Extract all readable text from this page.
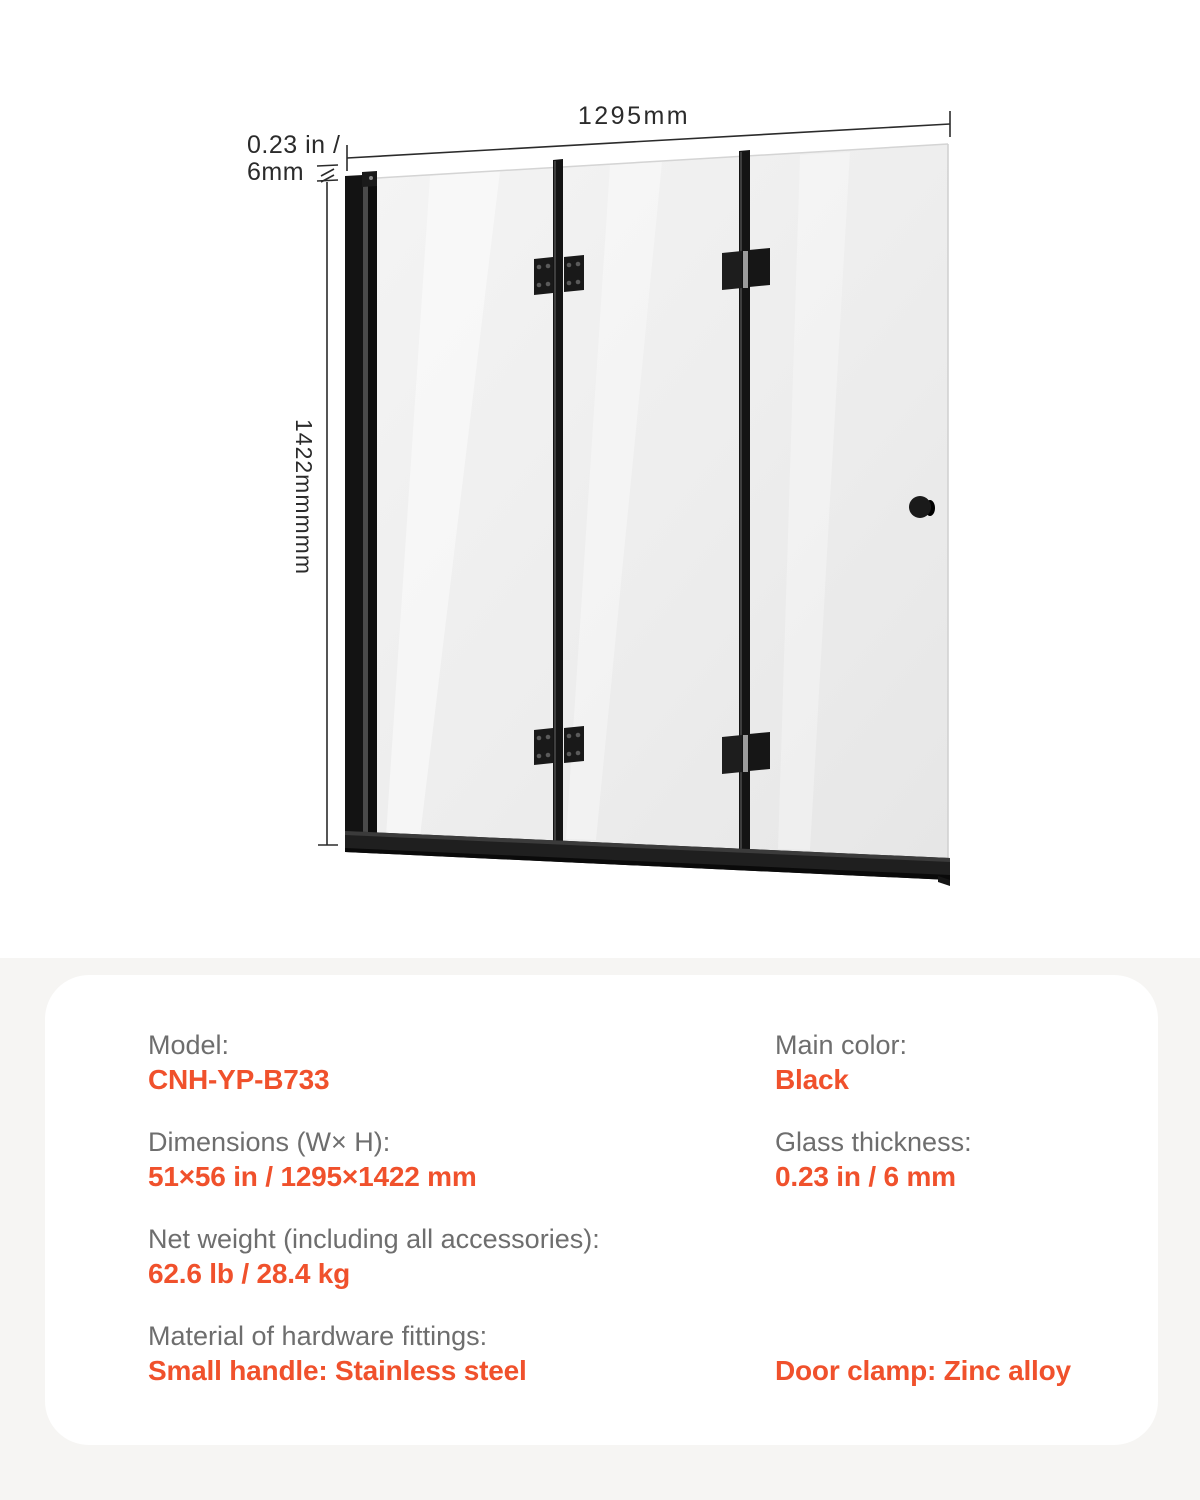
1295mm
0.23 in /
6mm
1422mmmmm
Model:
CNH-YP-B733
Dimensions (W× H):
51×56 in / 1295×1422 mm
Net weight (including all accessories):
62.6 lb / 28.4 kg
Material of hardware fittings:
Small handle: Stainless steel
Main color:
Black
Glass thickness:
0.23 in / 6 mm
Door clamp: Zinc alloy
